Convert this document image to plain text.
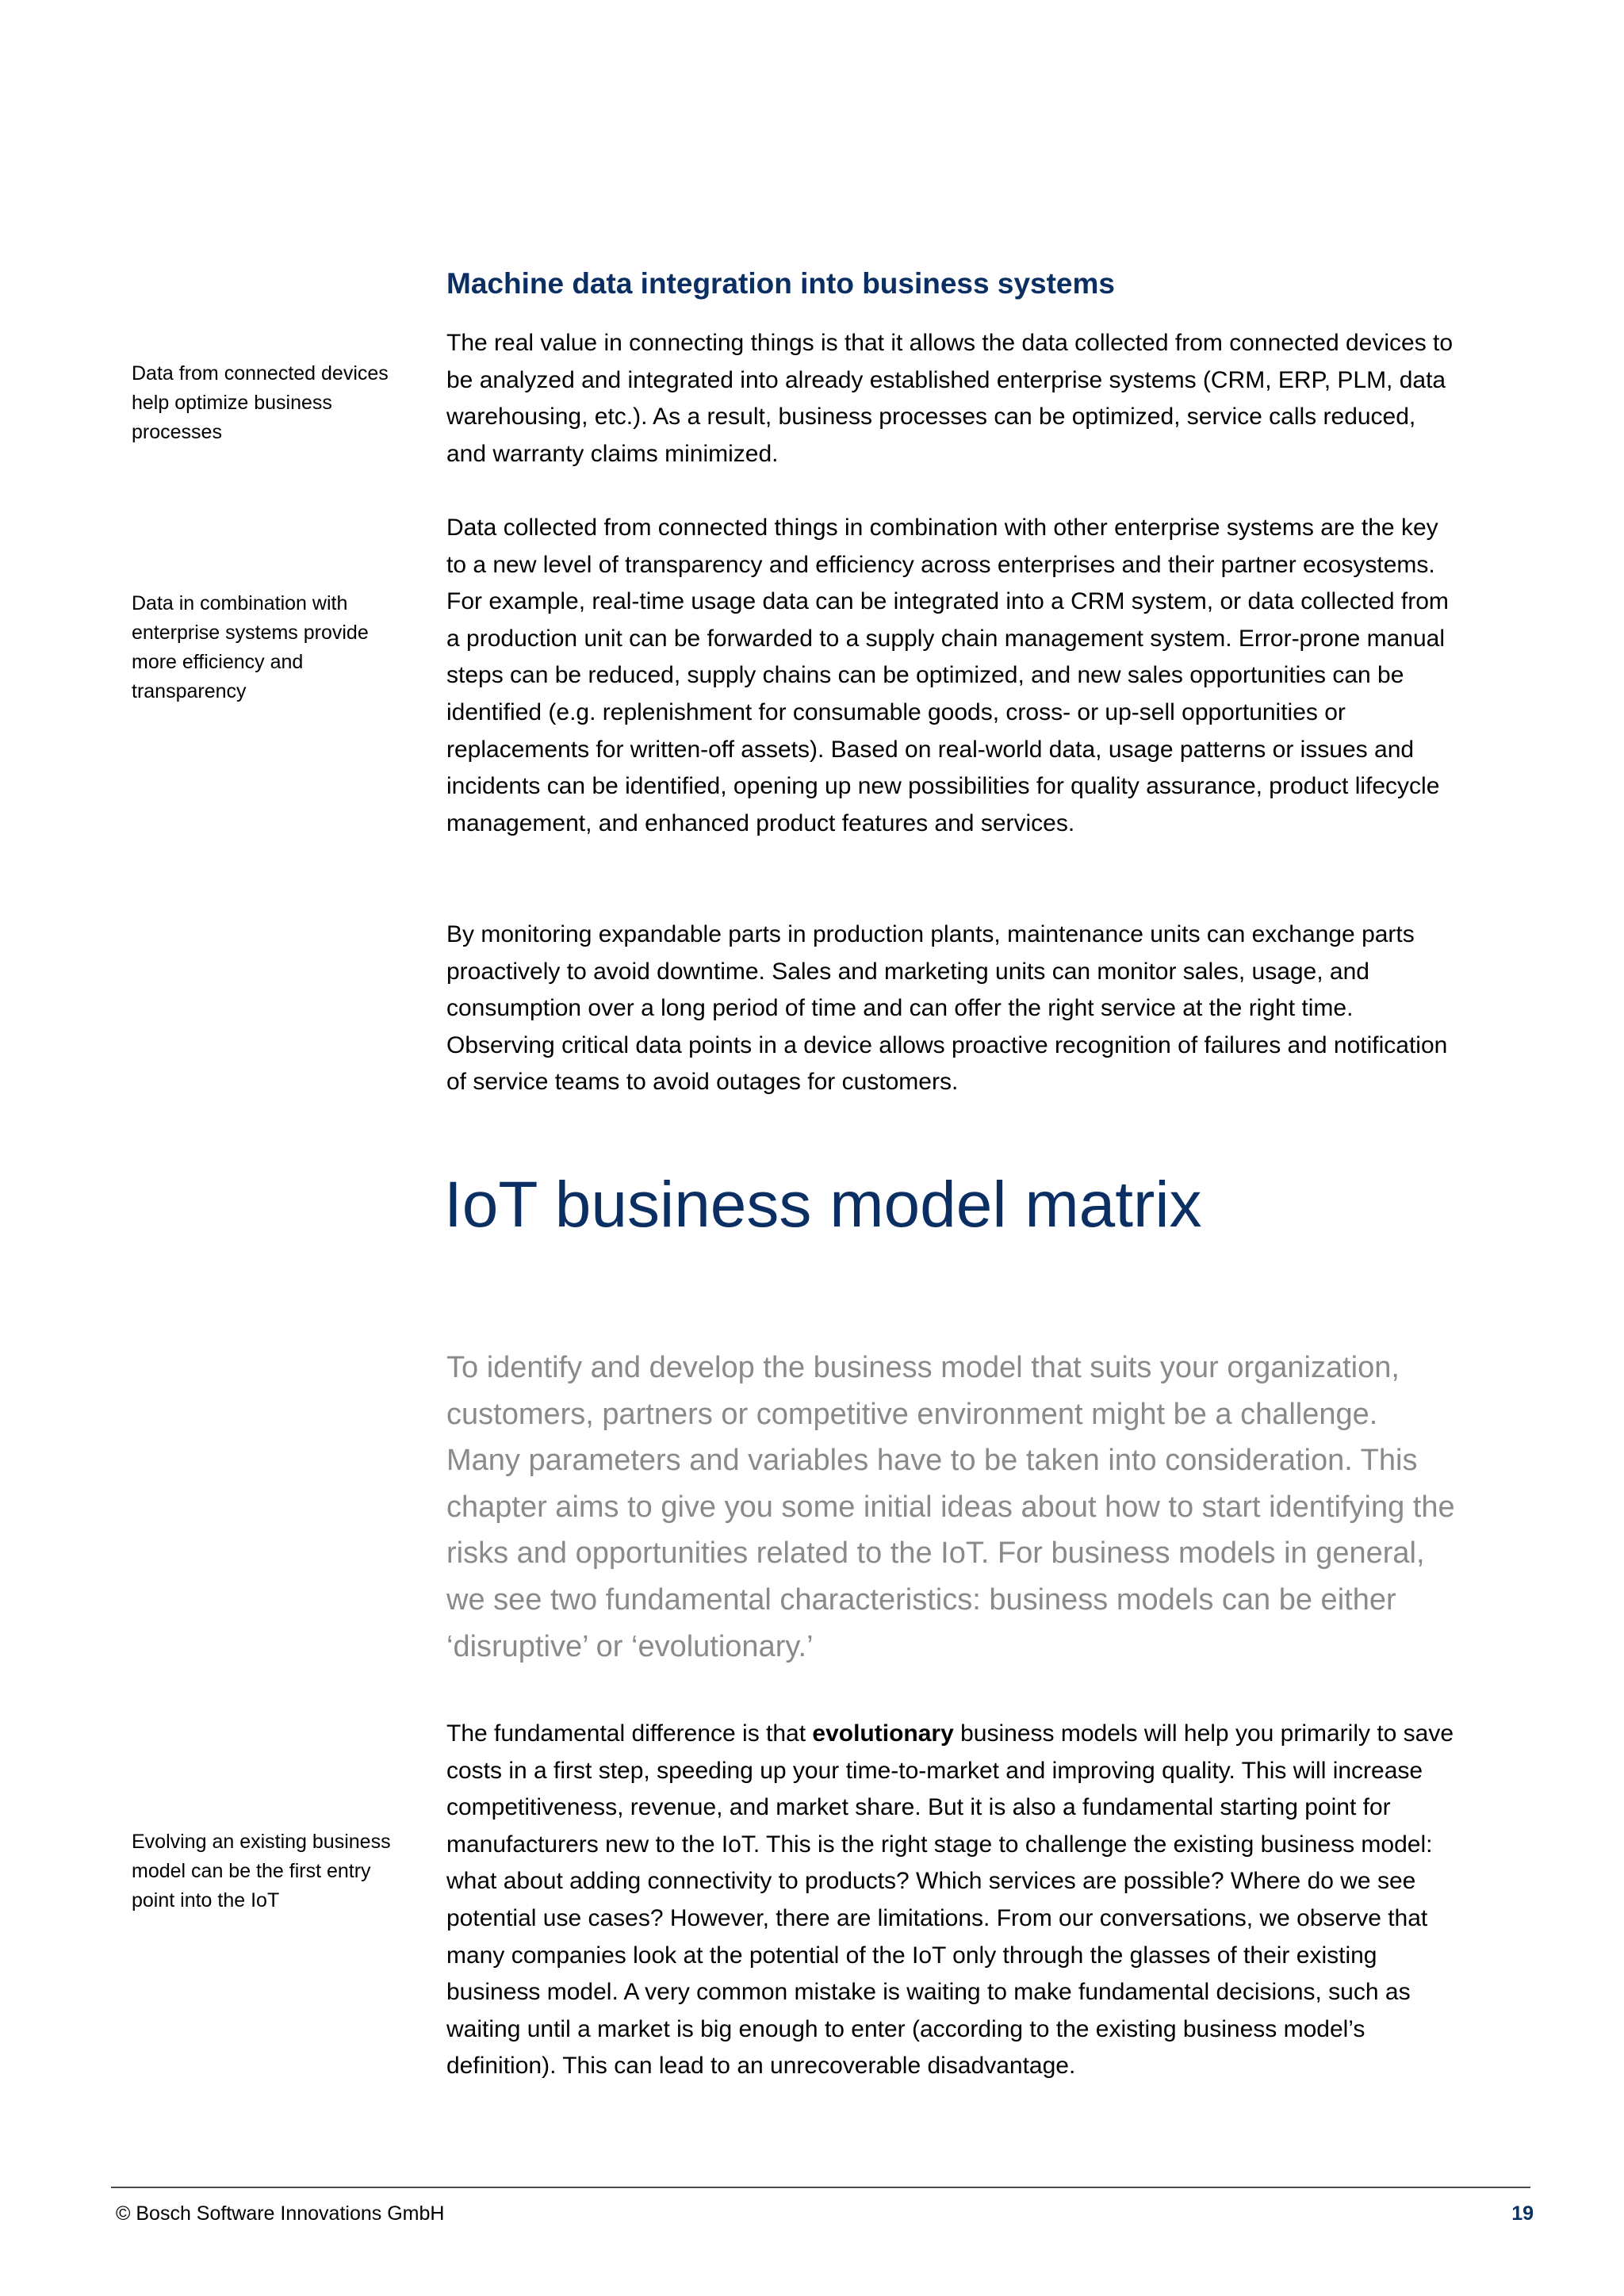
Data from connected devices help optimize business processes
Data in combination with enterprise systems provide more efficiency and transparency
Evolving an existing business model can be the first entry point into the IoT
Machine data integration into business systems

The real value in connecting things is that it allows the data collected from connected devices to be analyzed and integrated into already established enterprise systems (CRM, ERP, PLM, data warehousing, etc.). As a result, business processes can be optimized, service calls reduced, and warranty claims minimized.

Data collected from connected things in combination with other enterprise systems are the key to a new level of transparency and efficiency across enterprises and their partner ecosystems. For example, real-time usage data can be integrated into a CRM system, or data collected from a production unit can be forwarded to a supply chain management system. Error-prone manual steps can be reduced, supply chains can be optimized, and new sales opportunities can be identified (e.g. replenishment for consumable goods, cross- or up-sell opportunities or replacements for written-off assets). Based on real-world data, usage patterns or issues and incidents can be identified, opening up new possibilities for quality assurance, product lifecycle management, and enhanced product features and services.

By monitoring expandable parts in production plants, maintenance units can exchange parts proactively to avoid downtime. Sales and marketing units can monitor sales, usage, and consumption over a long period of time and can offer the right service at the right time. Observing critical data points in a device allows proactive recognition of failures and notification of service teams to avoid outages for customers.

IoT business model matrix

To identify and develop the business model that suits your organization, customers, partners or competitive environment might be a challenge. Many parameters and variables have to be taken into consideration. This chapter aims to give you some initial ideas about how to start identifying the risks and opportunities related to the IoT. For business models in general, we see two fundamental characteristics: business models can be either ‘disruptive’ or ‘evolutionary.’

The fundamental difference is that evolutionary business models will help you primarily to save costs in a first step, speeding up your time-to-market and improving quality. This will increase competitiveness, revenue, and market share. But it is also a fundamental starting point for manufacturers new to the IoT. This is the right stage to challenge the existing business model: what about adding connectivity to products? Which services are possible? Where do we see potential use cases? However, there are limitations. From our conversations, we observe that many companies look at the potential of the IoT only through the glasses of their existing business model. A very common mistake is waiting to make fundamental decisions, such as waiting until a market is big enough to enter (according to the existing business model’s definition). This can lead to an unrecoverable disadvantage.

© Bosch Software Innovations GmbH	19
